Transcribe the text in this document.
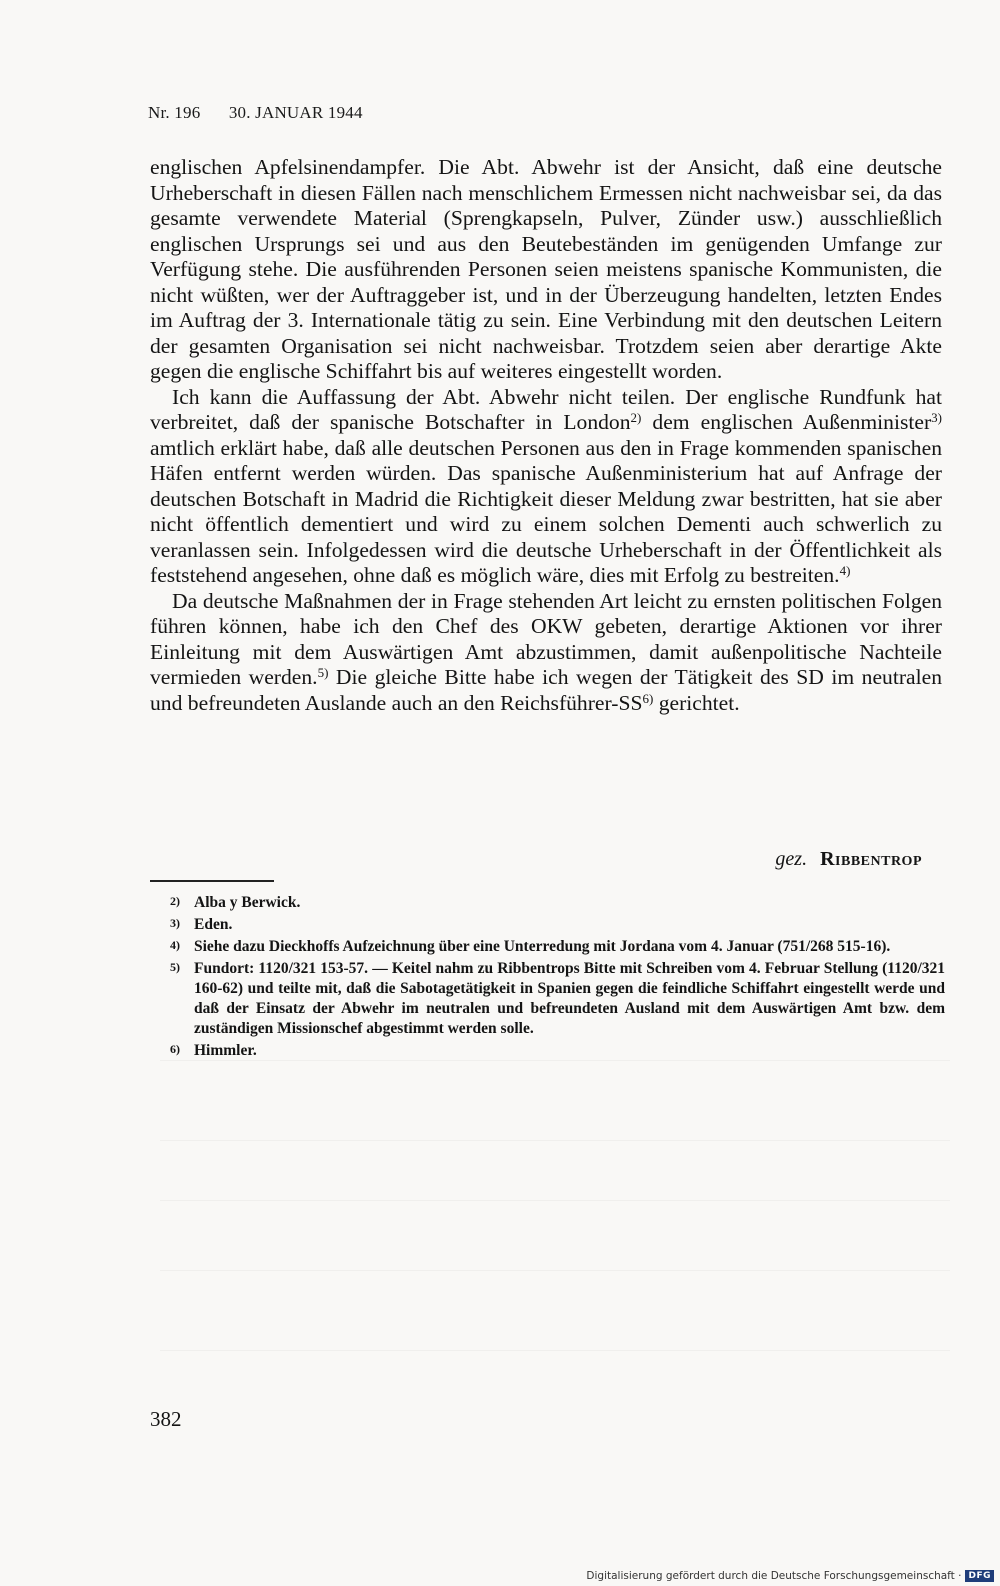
Nr. 196 30. JANUAR 1944

englischen Apfelsinendampfer. Die Abt. Abwehr ist der Ansicht, daß eine deutsche Urheberschaft in diesen Fällen nach menschlichem Ermessen nicht nachweisbar sei, da das gesamte verwendete Material (Sprengkapseln, Pulver, Zünder usw.) ausschließlich englischen Ursprungs sei und aus den Beutebeständen im genügenden Umfange zur Verfügung stehe. Die ausführenden Personen seien meistens spanische Kommunisten, die nicht wüßten, wer der Auftraggeber ist, und in der Überzeugung handelten, letzten Endes im Auftrag der 3. Internationale tätig zu sein. Eine Verbindung mit den deutschen Leitern der gesamten Organisation sei nicht nachweisbar. Trotzdem seien aber derartige Akte gegen die englische Schiffahrt bis auf weiteres eingestellt worden.

Ich kann die Auffassung der Abt. Abwehr nicht teilen. Der englische Rundfunk hat verbreitet, daß der spanische Botschafter in London$^{2)}$ dem englischen Außenminister$^{3)}$ amtlich erklärt habe, daß alle deutschen Personen aus den in Frage kommenden spanischen Häfen entfernt werden würden. Das spanische Außenministerium hat auf Anfrage der deutschen Botschaft in Madrid die Richtigkeit dieser Meldung zwar bestritten, hat sie aber nicht öffentlich dementiert und wird zu einem solchen Dementi auch schwerlich zu veranlassen sein. Infolgedessen wird die deutsche Urheberschaft in der Öffentlichkeit als feststehend angesehen, ohne daß es möglich wäre, dies mit Erfolg zu bestreiten.$^{4)}$

Da deutsche Maßnahmen der in Frage stehenden Art leicht zu ernsten politischen Folgen führen können, habe ich den Chef des OKW gebeten, derartige Aktionen vor ihrer Einleitung mit dem Auswärtigen Amt abzustimmen, damit außenpolitische Nachteile vermieden werden.$^{5)}$ Die gleiche Bitte habe ich wegen der Tätigkeit des SD im neutralen und befreundeten Auslande auch an den Reichsführer-SS$^{6)}$ gerichtet.

gez. Ribbentrop
2) Alba y Berwick.
3) Eden.
4) Siehe dazu Dieckhoffs Aufzeichnung über eine Unterredung mit Jordana vom 4. Januar (751/268 515-16).
5) Fundort: 1120/321 153-57. — Keitel nahm zu Ribbentrops Bitte mit Schreiben vom 4. Februar Stellung (1120/321 160-62) und teilte mit, daß die Sabotagetätigkeit in Spanien gegen die feindliche Schiffahrt eingestellt werde und daß der Einsatz der Abwehr im neutralen und befreundeten Ausland mit dem Auswärtigen Amt bzw. dem zuständigen Missionschef abgestimmt werden solle.
6) Himmler.
382
Digitalisierung gefördert durch die Deutsche Forschungsgemeinschaft · DFG
